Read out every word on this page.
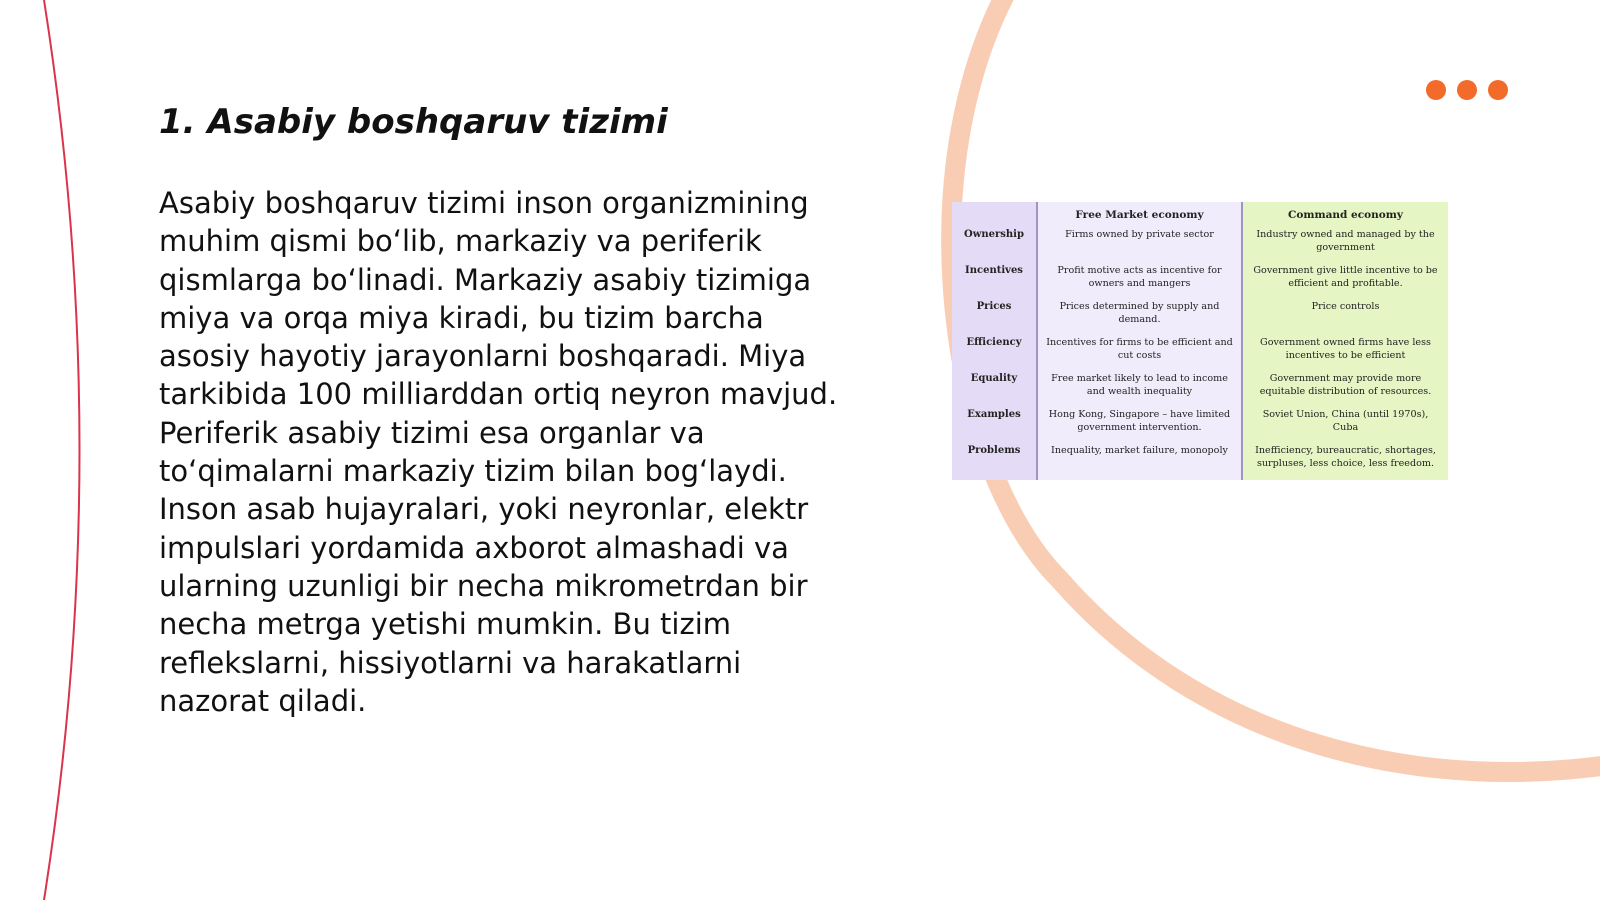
1. Asabiy boshqaruv tizimi

Asabiy boshqaruv tizimi inson organizmining muhim qismi bo‘lib, markaziy va periferik qismlarga bo‘linadi. Markaziy asabiy tizimiga miya va orqa miya kiradi, bu tizim barcha asosiy hayotiy jarayonlarni boshqaradi. Miya tarkibida 100 milliarddan ortiq neyron mavjud. Periferik asabiy tizimi esa organlar va to‘qimalarni markaziy tizim bilan bog‘laydi. Inson asab hujayralari, yoki neyronlar, elektr impulslari yordamida axborot almashadi va ularning uzunligi bir necha mikrometrdan bir necha metrga yetishi mumkin. Bu tizim reflekslarni, hissiyotlarni va harakatlarni nazorat qiladi.

	Free Market economy	Command economy
Ownership	Firms owned by private sector	Industry owned and managed by the government
Incentives	Profit motive acts as incentive for owners and mangers	Government give little incentive to be efficient and profitable.
Prices	Prices determined by supply and demand.	Price controls
Efficiency	Incentives for firms to be efficient and cut costs	Government owned firms have less incentives to be efficient
Equality	Free market likely to lead to income and wealth inequality	Government may provide more equitable distribution of resources.
Examples	Hong Kong, Singapore – have limited government intervention.	Soviet Union, China (until 1970s), Cuba
Problems	Inequality, market failure, monopoly	Inefficiency, bureaucratic, shortages, surpluses, less choice, less freedom.
